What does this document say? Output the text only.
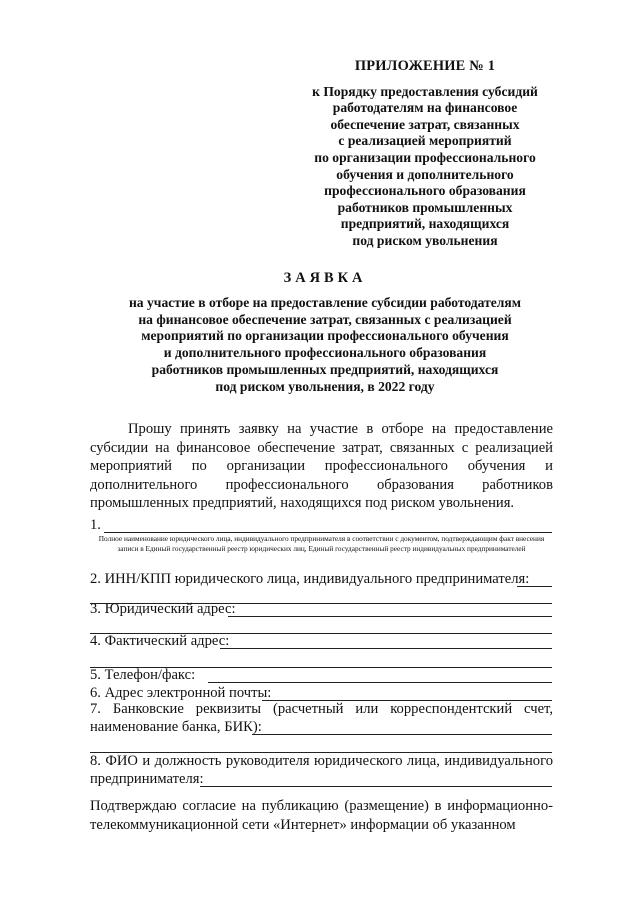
ПРИЛОЖЕНИЕ № 1
к Порядку предоставления субсидий
работодателям на финансовое
обеспечение затрат, связанных
с реализацией мероприятий
по организации профессионального
обучения и дополнительного
профессионального образования
работников промышленных
предприятий, находящихся
под риском увольнения
ЗАЯВКА
на участие в отборе на предоставление субсидии работодателям
на финансовое обеспечение затрат, связанных с реализацией
мероприятий по организации профессионального обучения
и дополнительного профессионального образования
работников промышленных предприятий, находящихся
под риском увольнения, в 2022 году
Прошу принять заявку на участие в отборе на предоставление субсидии на финансовое обеспечение затрат, связанных с реализацией мероприятий по организации профессионального обучения и дополнительного профессионального образования работников промышленных предприятий, находящихся под риском увольнения.
1.
Полное наименование юридического лица, индивидуального предпринимателя в соответствии с документом, подтверждающим факт внесения записи в Единый государственный реестр юридических лиц, Единый государственный реестр индивидуальных предпринимателей
2. ИНН/КПП юридического лица, индивидуального предпринимателя:
3. Юридический адрес:
4. Фактический адрес:
5. Телефон/факс:
6. Адрес электронной почты:
7. Банковские реквизиты (расчетный или корреспондентский счет, наименование банка, БИК):
8. ФИО и должность руководителя юридического лица, индивидуального предпринимателя:
Подтверждаю согласие на публикацию (размещение) в информационно-телекоммуникационной сети «Интернет» информации об указанном
